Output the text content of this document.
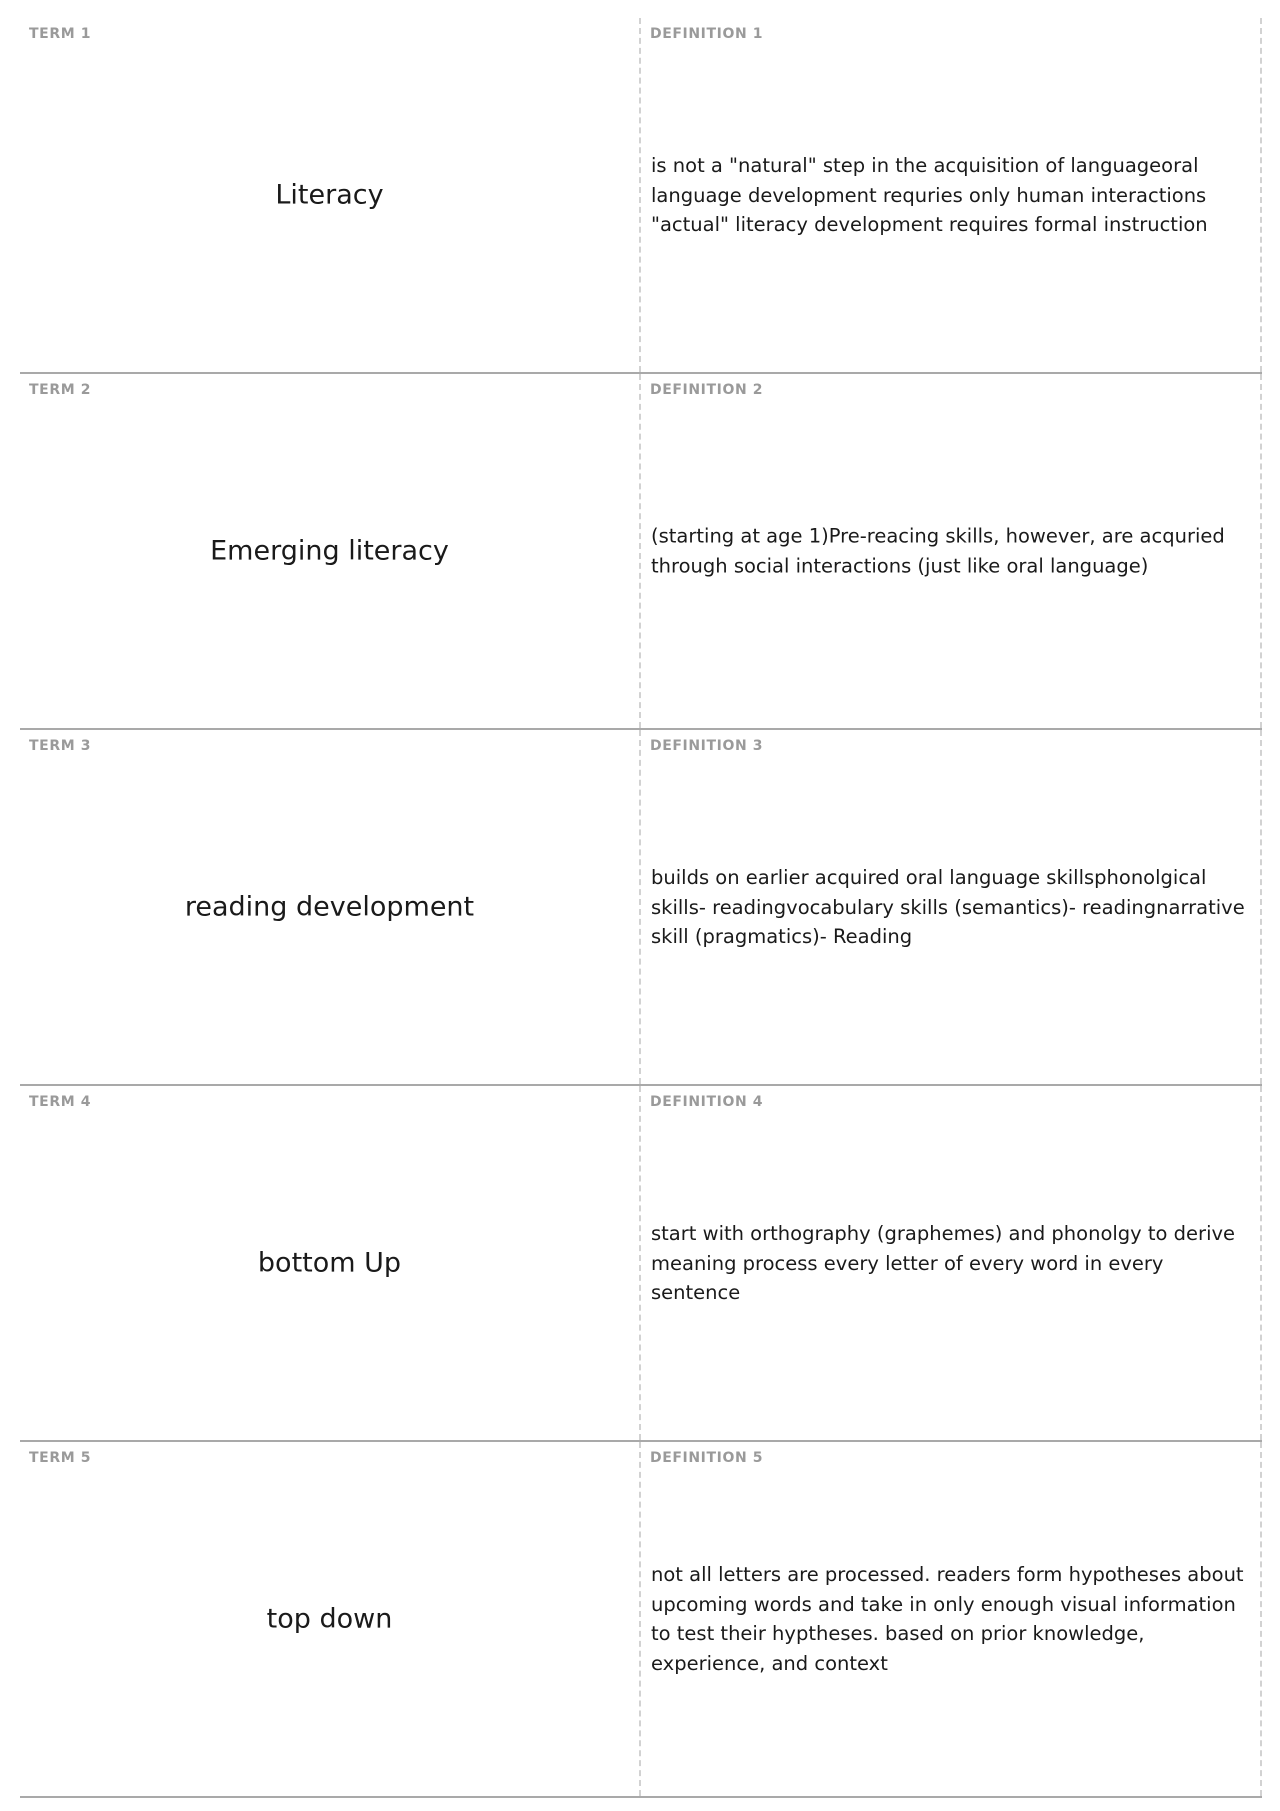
TERM 1
Literacy
DEFINITION 1
is not a "natural" step in the acquisition of languageoral language development requries only human interactions "actual" literacy development requires formal instruction
TERM 2
Emerging literacy
DEFINITION 2
(starting at age 1)Pre-reacing skills, however, are acquried through social interactions (just like oral language)
TERM 3
reading development
DEFINITION 3
builds on earlier acquired oral language skillsphonolgical skills- readingvocabulary skills (semantics)- readingnarrative skill (pragmatics)- Reading
TERM 4
bottom Up
DEFINITION 4
start with orthography (graphemes) and phonolgy to derive meaning process every letter of every word in every sentence
TERM 5
top down
DEFINITION 5
not all letters are processed. readers form hypotheses about upcoming words and take in only enough visual information to test their hyptheses. based on prior knowledge, experience, and context
